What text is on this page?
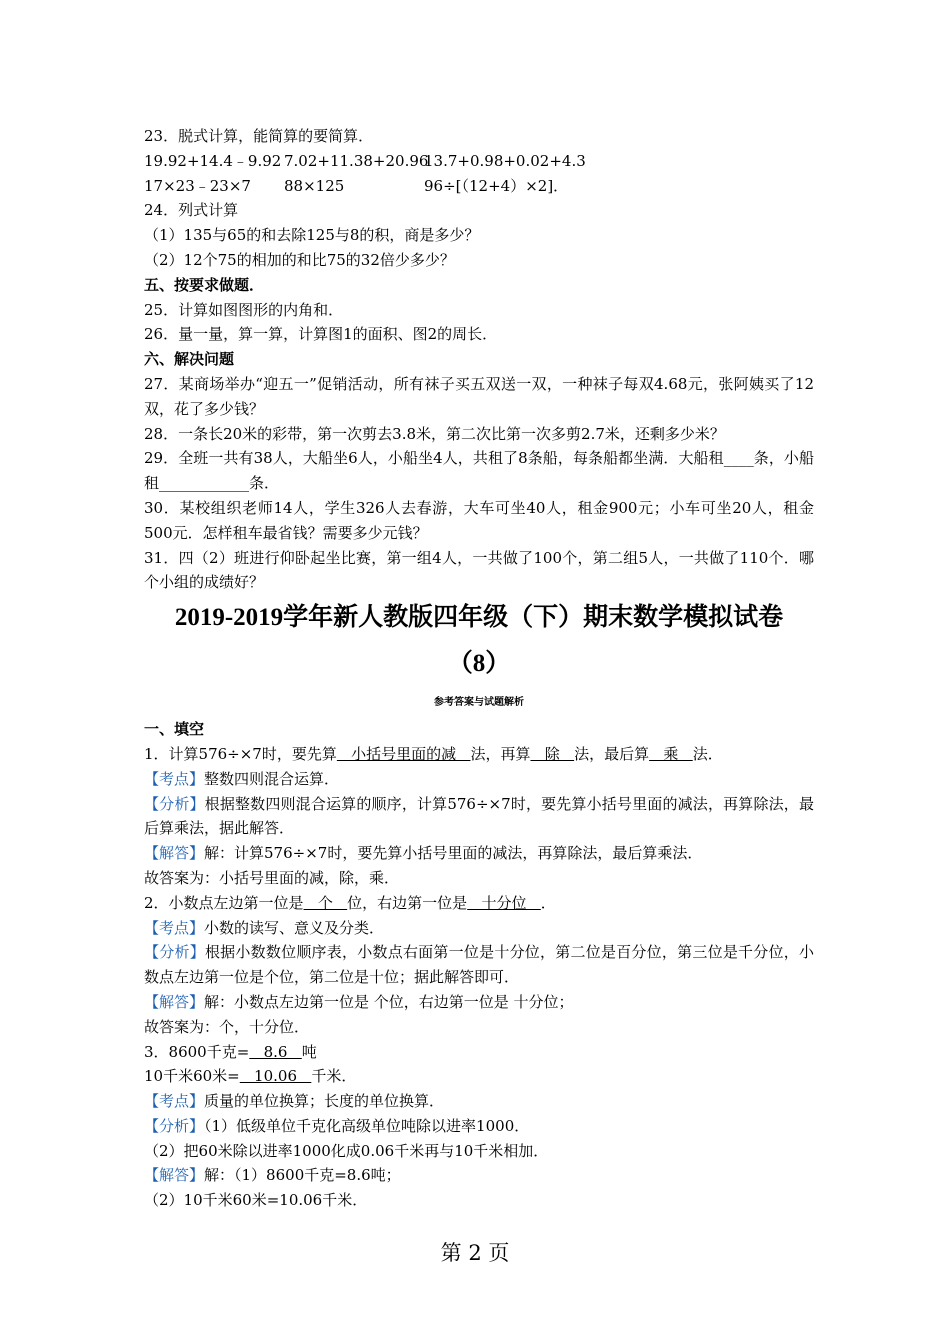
23．脱式计算，能简算的要简算．
19.92+14.4﹣9.92 7.02+11.38+20.9613.7+0.98+0.02+4.3
17×23﹣23×7 88×125	96÷[（12+4）×2]．
24．列式计算
（1）135与65的和去除125与8的积，商是多少？
（2）12个75的相加的和比75的32倍少多少？
五、按要求做题．
25．计算如图图形的内角和．
26．量一量，算一算，计算图1的面积、图2的周长．
六、解决问题
27．某商场举办“迎五一”促销活动，所有袜子买五双送一双，一种袜子每双4.68元，张阿姨买了12双，花了多少钱？
28．一条长20米的彩带，第一次剪去3.8米，第二次比第一次多剪2.7米，还剩多少米？
29．全班一共有38人，大船坐6人，小船坐4人，共租了8条船，每条船都坐满．大船租____条，小船租____________条．
30．某校组织老师14人，学生326人去春游，大车可坐40人，租金900元；小车可坐20人，租金500元．怎样租车最省钱？需要多少元钱？
31．四（2）班进行仰卧起坐比赛，第一组4人，一共做了100个，第二组5人，一共做了110个．哪个小组的成绩好？
2019-2019学年新人教版四年级（下）期末数学模拟试卷
（8）
参考答案与试题解析
一、填空
1．计算576÷×7时，要先算   小括号里面的减   法，再算   除   法，最后算   乘   法．
【考点】整数四则混合运算．
【分析】根据整数四则混合运算的顺序，计算576÷×7时，要先算小括号里面的减法，再算除法，最后算乘法，据此解答．
【解答】解：计算576÷×7时，要先算小括号里面的减法，再算除法，最后算乘法．
故答案为：小括号里面的减，除，乘．
2．小数点左边第一位是   个   位，右边第一位是   十分位   ．
【考点】小数的读写、意义及分类．
【分析】根据小数数位顺序表，小数点右面第一位是十分位，第二位是百分位，第三位是千分位，小数点左边第一位是个位，第二位是十位；据此解答即可．
【解答】解：小数点左边第一位是 个位，右边第一位是 十分位；
故答案为：个，十分位．
3．8600千克=   8.6   吨
10千米60米=   10.06   千米．
【考点】质量的单位换算；长度的单位换算．
【分析】（1）低级单位千克化高级单位吨除以进率1000．
（2）把60米除以进率1000化成0.06千米再与10千米相加．
【解答】解：（1）8600千克=8.6吨；
（2）10千米60米=10.06千米．
第 2 页
